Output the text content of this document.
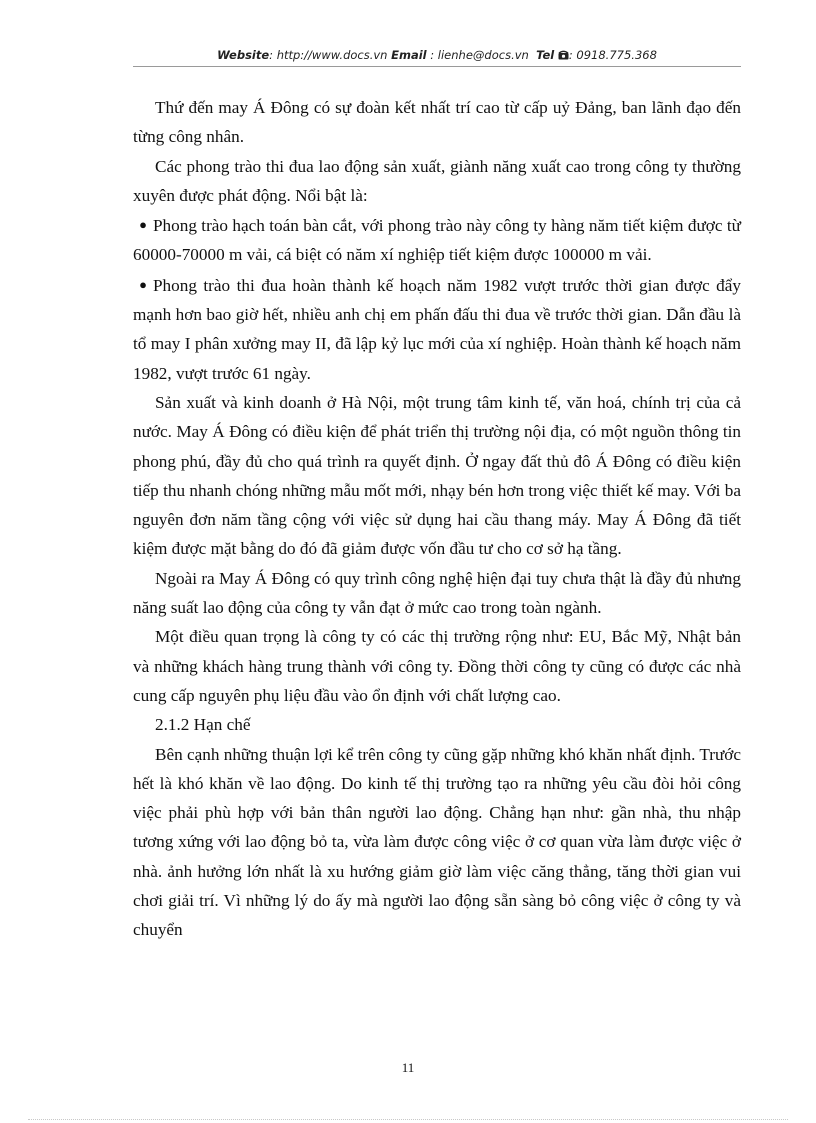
Website: http://www.docs.vn Email : lienhe@docs.vn Tel : 0918.775.368

Thứ đến may Á Đông có sự đoàn kết nhất trí cao từ cấp uỷ Đảng, ban lãnh đạo đến từng công nhân.

Các phong trào thi đua lao động sản xuất, giành năng xuất cao trong công ty thường xuyên được phát động. Nổi bật là:

● Phong trào hạch toán bàn cắt, với phong trào này công ty hàng năm tiết kiệm được từ 60000-70000 m vải, cá biệt có năm xí nghiệp tiết kiệm được 100000 m vải.

● Phong trào thi đua hoàn thành kế hoạch năm 1982 vượt trước thời gian được đẩy mạnh hơn bao giờ hết, nhiều anh chị em phấn đấu thi đua về trước thời gian. Dẫn đầu là tổ may I phân xưởng may II, đã lập kỷ lục mới của xí nghiệp. Hoàn thành kế hoạch năm 1982, vượt trước 61 ngày.

Sản xuất và kinh doanh ở Hà Nội, một trung tâm kinh tế, văn hoá, chính trị của cả nước. May Á Đông có điều kiện để phát triển thị trường nội địa, có một nguồn thông tin phong phú, đầy đủ cho quá trình ra quyết định. Ở ngay đất thủ đô Á Đông có điều kiện tiếp thu nhanh chóng những mẫu mốt mới, nhạy bén hơn trong việc thiết kế may. Với ba nguyên đơn năm tầng cộng với việc sử dụng hai cầu thang máy. May Á Đông đã tiết kiệm được mặt bằng do đó đã giảm được vốn đầu tư cho cơ sở hạ tầng.

Ngoài ra May Á Đông có quy trình công nghệ hiện đại tuy chưa thật là đầy đủ nhưng năng suất lao động của công ty vẫn đạt ở mức cao trong toàn ngành.

Một điều quan trọng là công ty có các thị trường rộng như: EU, Bắc Mỹ, Nhật bản và những khách hàng trung thành với công ty. Đồng thời công ty cũng có được các nhà cung cấp nguyên phụ liệu đầu vào ổn định với chất lượng cao.

2.1.2 Hạn chế

Bên cạnh những thuận lợi kể trên công ty cũng gặp những khó khăn nhất định. Trước hết là khó khăn về lao động. Do kinh tế thị trường tạo ra những yêu cầu đòi hỏi công việc phải phù hợp với bản thân người lao động. Chẳng hạn như: gần nhà, thu nhập tương xứng với lao động bỏ ta, vừa làm được công việc ở cơ quan vừa làm được việc ở nhà. ảnh hưởng lớn nhất là xu hướng giảm giờ làm việc căng thẳng, tăng thời gian vui chơi giải trí. Vì những lý do ấy mà người lao động sẵn sàng bỏ công việc ở công ty và chuyển

11
